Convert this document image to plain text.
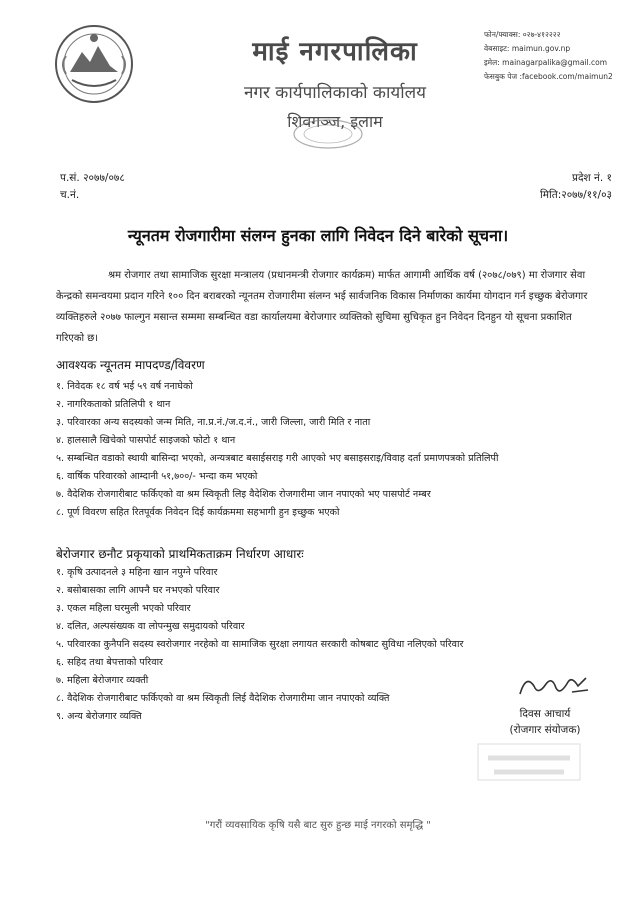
माई नगरपालिका
नगर कार्यपालिकाको कार्यालय
शिवगञ्ज, इलाम
फोन/फ्याक्स: ०२७-४१२२२२
वेबसाइट: maimun.gov.np
इमेल: mainagarpalika@gmail.com
फेसबुक पेज :facebook.com/maimun2
प.सं. २०७७/०७८
च.नं.
प्रदेश नं. १
मिति:२०७७/११/०३
न्यूनतम रोजगारीमा संलग्न हुनका लागि निवेदन दिने बारेको सूचना।
श्रम रोजगार तथा सामाजिक सुरक्षा मन्त्रालय (प्रधानमन्त्री रोजगार कार्यक्रम) मार्फत आगामी आर्थिक वर्ष (२०७८/०७९) मा रोजगार सेवा केन्द्रको समन्वयमा प्रदान गरिने १०० दिन बराबरको न्यूनतम रोजगारीमा संलग्न भई सार्वजनिक विकास निर्माणका कार्यमा योगदान गर्न इच्छुक बेरोजगार व्यक्तिहरुले २०७७ फाल्गुन मसान्त सम्ममा सम्बन्धित वडा कार्यालयमा बेरोजगार व्यक्तिको सुचिमा सुचिकृत हुन निवेदन दिनहुन यो सूचना प्रकाशित गरिएको छ।
आवश्यक न्यूनतम मापदण्ड/विवरण
१. निवेदक १८ वर्ष भई ५९ वर्ष ननाघेको
२. नागरिकताको प्रतिलिपी १ थान
३. परिवारका अन्य सदस्यको जन्म मिति, ना.प्र.नं./ज.द.नं., जारी जिल्ला, जारी मिति र नाता
४. हालसालै खिचेको पासपोर्ट साइजको फोटो १ थान
५. सम्बन्धित वडाको स्थायी बासिन्दा भएको, अन्यत्रबाट बसाईसराइ गरी आएको भए बसाइसराइ/विवाह दर्ता प्रमाणपत्रको प्रतिलिपी
६. वार्षिक परिवारको आम्दानी ५१,७००/- भन्दा कम भएको
७. वैदेशिक रोजगारीबाट फर्किएको वा श्रम स्विकृती लिइ वैदेशिक रोजगारीमा जान नपाएको भए पासपोर्ट नम्बर
८. पूर्ण विवरण सहित रितपूर्वक निवेदन दिई कार्यक्रममा सहभागी हुन इच्छुक भएको
बेरोजगार छनौट प्रकृयाको प्राथमिकताक्रम निर्धारण आधारः
१. कृषि उत्पादनले ३ महिना खान नपुग्ने परिवार
२. बसोबासका लागि आफ्नै घर नभएको परिवार
३. एकल महिला घरमुली भएको परिवार
४. दलित, अल्पसंख्यक वा लोपन्मुख समुदायको परिवार
५. परिवारका कुनैपनि सदस्य स्वरोजगार नरहेको वा सामाजिक सुरक्षा लगायत सरकारी कोषबाट सुविधा नलिएको परिवार
६. सहिद तथा बेपत्ताको परिवार
७. महिला बेरोजगार व्यक्ती
८. वैदेशिक रोजगारीबाट फर्किएको वा श्रम स्विकृती लिई वैदेशिक रोजगारीमा जान नपाएको व्यक्ति
९. अन्य बेरोजगार व्यक्ति	दिवस आचार्य
(रोजगार संयोजक)
"गरौं व्यवसायिक कृषि यसै बाट सुरु हुन्छ माई नगरको समृद्धि "
